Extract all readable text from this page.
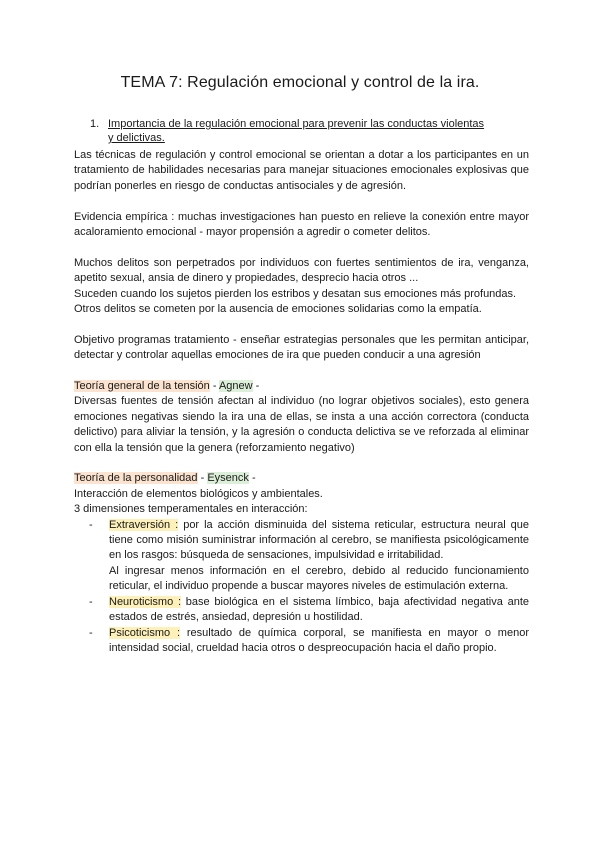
TEMA 7: Regulación emocional y control de la ira.
1. Importancia de la regulación emocional para prevenir las conductas violentas y delictivas.

Las técnicas de regulación y control emocional se orientan a dotar a los participantes en un tratamiento de habilidades necesarias para manejar situaciones emocionales explosivas que podrían ponerles en riesgo de conductas antisociales y de agresión.

Evidencia empírica : muchas investigaciones han puesto en relieve la conexión entre mayor acaloramiento emocional - mayor propensión a agredir o cometer delitos.

Muchos delitos son perpetrados por individuos con fuertes sentimientos de ira, venganza, apetito sexual, ansia de dinero y propiedades, desprecio hacia otros ...

Suceden cuando los sujetos pierden los estribos y desatan sus emociones más profundas.

Otros delitos se cometen por la ausencia de emociones solidarias como la empatía.

Objetivo programas tratamiento - enseñar estrategias personales que les permitan anticipar, detectar y controlar aquellas emociones de ira que pueden conducir a una agresión

Teoría general de la tensión - Agnew -

Diversas fuentes de tensión afectan al individuo (no lograr objetivos sociales), esto genera emociones negativas siendo la ira una de ellas, se insta a una acción correctora (conducta delictivo) para aliviar la tensión, y la agresión o conducta delictiva se ve reforzada al eliminar con ella la tensión que la genera (reforzamiento negativo)

Teoría de la personalidad - Eysenck -

Interacción de elementos biológicos y ambientales.

3 dimensiones temperamentales en interacción:

- Extraversión : por la acción disminuida del sistema reticular, estructura neural que tiene como misión suministrar información al cerebro, se manifiesta psicológicamente en los rasgos: búsqueda de sensaciones, impulsividad e irritabilidad.

Al ingresar menos información en el cerebro, debido al reducido funcionamiento reticular, el individuo propende a buscar mayores niveles de estimulación externa.

- Neuroticismo : base biológica en el sistema límbico, baja afectividad negativa ante estados de estrés, ansiedad, depresión u hostilidad.

- Psicoticismo : resultado de química corporal, se manifiesta en mayor o menor intensidad social, crueldad hacia otros o despreocupación hacia el daño propio.
